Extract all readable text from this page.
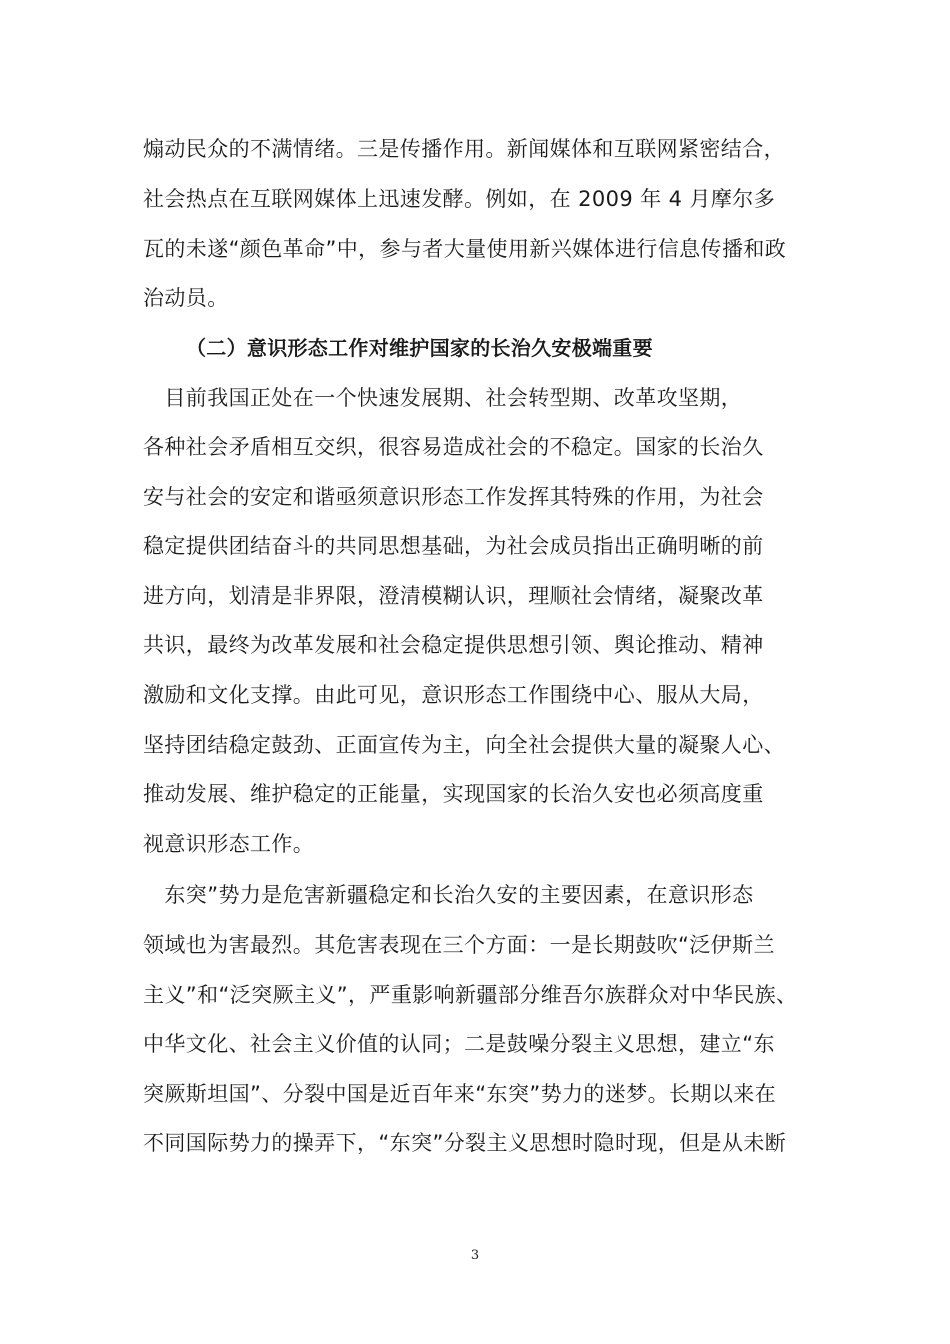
煽动民众的不满情绪。三是传播作用。新闻媒体和互联网紧密结合，
社会热点在互联网媒体上迅速发酵。例如，在 2009 年 4 月摩尔多
瓦的未遂“颜色革命”中，参与者大量使用新兴媒体进行信息传播和政
治动员。
（二）意识形态工作对维护国家的长治久安极端重要
　目前我国正处在一个快速发展期、社会转型期、改革攻坚期，
各种社会矛盾相互交织，很容易造成社会的不稳定。国家的长治久
安与社会的安定和谐亟须意识形态工作发挥其特殊的作用，为社会
稳定提供团结奋斗的共同思想基础，为社会成员指出正确明晰的前
进方向，划清是非界限，澄清模糊认识，理顺社会情绪，凝聚改革
共识，最终为改革发展和社会稳定提供思想引领、舆论推动、精神
激励和文化支撑。由此可见，意识形态工作围绕中心、服从大局，
坚持团结稳定鼓劲、正面宣传为主，向全社会提供大量的凝聚人心、
推动发展、维护稳定的正能量，实现国家的长治久安也必须高度重
视意识形态工作。
　东突”势力是危害新疆稳定和长治久安的主要因素，在意识形态
领域也为害最烈。其危害表现在三个方面：一是长期鼓吹“泛伊斯兰
主义”和“泛突厥主义”，严重影响新疆部分维吾尔族群众对中华民族、
中华文化、社会主义价值的认同；二是鼓噪分裂主义思想，建立“东
突厥斯坦国”、分裂中国是近百年来“东突”势力的迷梦。长期以来在
不同国际势力的操弄下，“东突”分裂主义思想时隐时现，但是从未断
3
